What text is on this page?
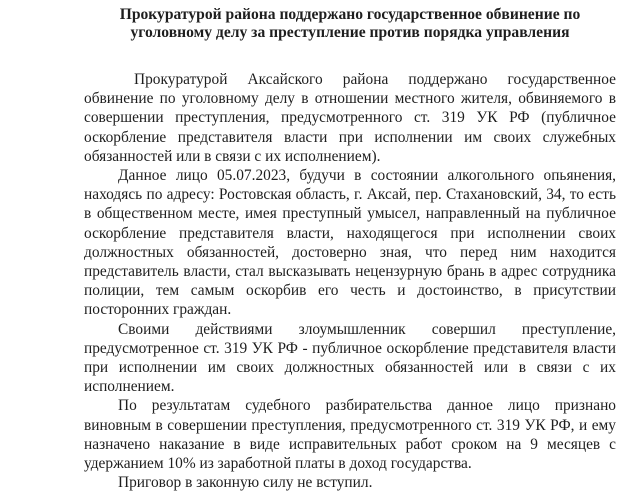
Прокуратурой района поддержано государственное обвинение по
уголовному делу за преступление против порядка управления

Прокуратурой Аксайского района поддержано государственное обвинение по уголовному делу в отношении местного жителя, обвиняемого в совершении преступления, предусмотренного ст. 319 УК РФ (публичное оскорбление представителя власти при исполнении им своих служебных обязанностей или в связи с их исполнением).

Данное лицо 05.07.2023, будучи в состоянии алкогольного опьянения, находясь по адресу: Ростовская область, г. Аксай, пер. Стахановский, 34, то есть в общественном месте, имея преступный умысел, направленный на публичное оскорбление представителя власти, находящегося при исполнении своих должностных обязанностей, достоверно зная, что перед ним находится представитель власти, стал высказывать нецензурную брань в адрес сотрудника полиции, тем самым оскорбив его честь и достоинство, в присутствии посторонних граждан.

Своими действиями злоумышленник совершил преступление, предусмотренное ст. 319 УК РФ - публичное оскорбление представителя власти при исполнении им своих должностных обязанностей или в связи с их исполнением.

По результатам судебного разбирательства данное лицо признано виновным в совершении преступления, предусмотренного ст. 319 УК РФ, и ему назначено наказание в виде исправительных работ сроком на 9 месяцев с удержанием 10% из заработной платы в доход государства.

Приговор в законную силу не вступил.
